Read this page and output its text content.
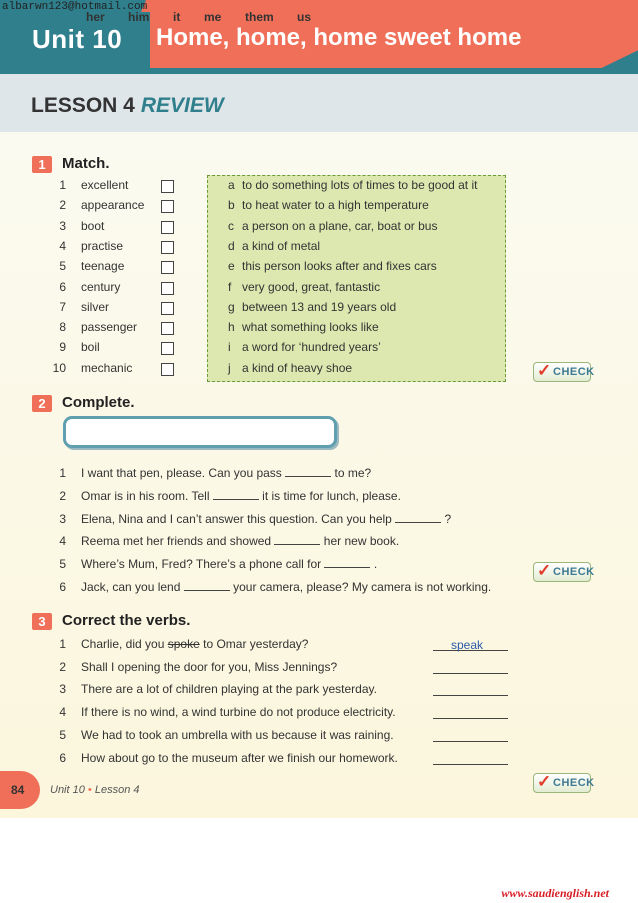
Unit 10 Home, home, home sweet home
LESSON 4 REVIEW
1	Match.
1 excellent
2 appearance
3 boot
4 practise
5 teenage
6 century
7 silver
8 passenger
9 boil
10 mechanic
a to do something lots of times to be good at it
b to heat water to a high temperature
c a person on a plane, car, boat or bus
d a kind of metal
e this person looks after and fixes cars
f very good, great, fantastic
g between 13 and 19 years old
h what something looks like
i a word for ‘hundred years’
j a kind of heavy shoe	✓ CHECK
2	Complete.
her him it me them us
1 I want that pen, please. Can you pass	to me?
2 Omar is in his room. Tell	it is time for lunch, please.
3 Elena, Nina and I can’t answer this question. Can you help	?
4 Reema met her friends and showed	her new book.
5 Where’s Mum, Fred? There’s a phone call for	.
6 Jack, can you lend	your camera, please? My camera is not working.
✓ CHECK
3	Correct the verbs.
1 Charlie, did you spoke to Omar yesterday?	speak
2 Shall I opening the door for you, Miss Jennings?
3 There are a lot of children playing at the park yesterday.
4 If there is no wind, a wind turbine do not produce electricity.
5 We had to took an umbrella with us because it was raining.
6 How about go to the museum after we finish our homework.
✓ CHECK
84 Unit 10 • Lesson 4
albarwn123@hotmail.com
www.saudienglish.net
